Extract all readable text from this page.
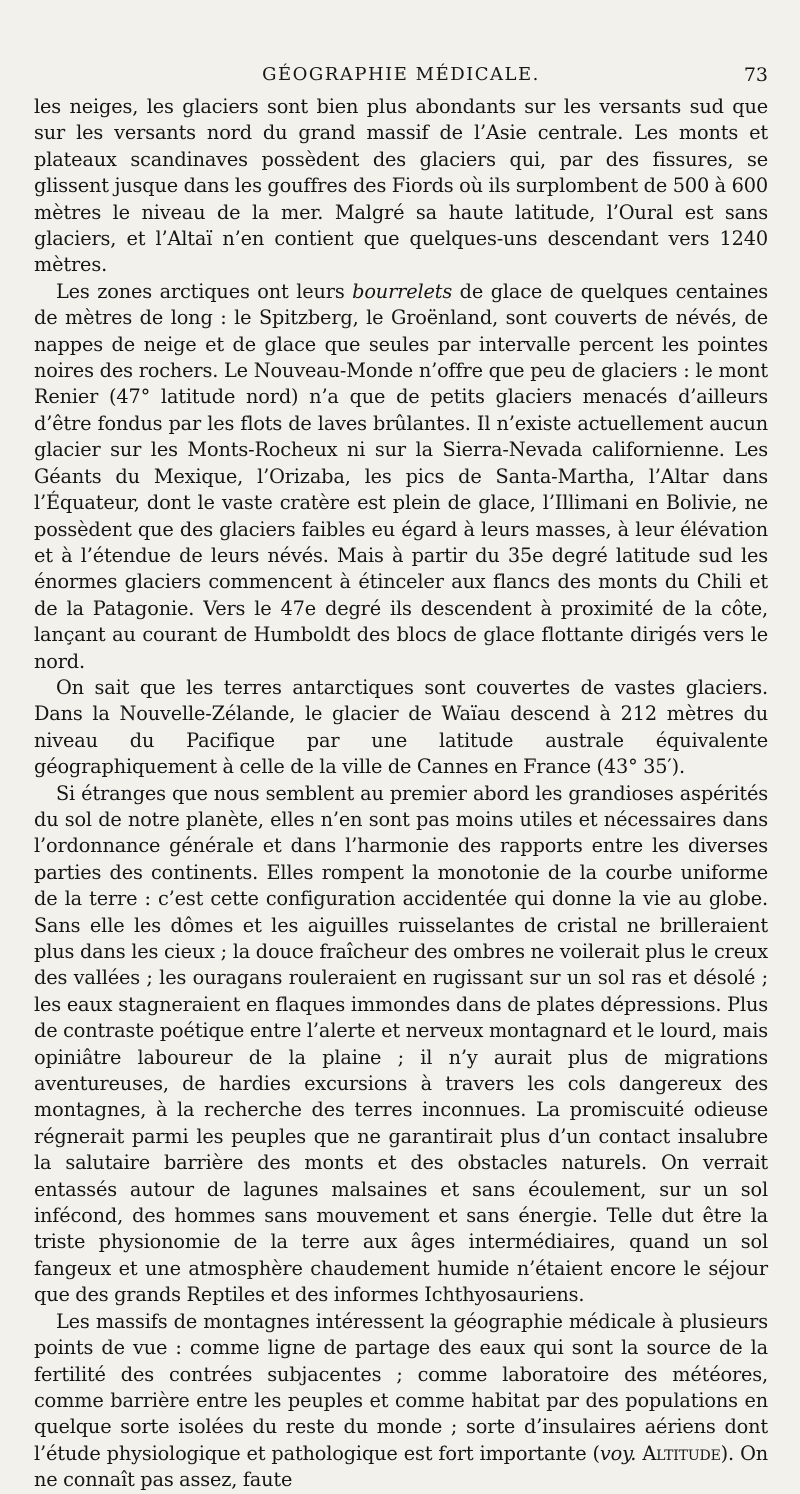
GÉOGRAPHIE MÉDICALE.	73

les neiges, les glaciers sont bien plus abondants sur les versants sud que sur les versants nord du grand massif de l’Asie centrale. Les monts et plateaux scandinaves possèdent des glaciers qui, par des fissures, se glissent jusque dans les gouffres des Fiords où ils surplombent de 500 à 600 mètres le niveau de la mer. Malgré sa haute latitude, l’Oural est sans glaciers, et l’Altaï n’en contient que quelques-uns descendant vers 1240 mètres.

Les zones arctiques ont leurs bourrelets de glace de quelques centaines de mètres de long : le Spitzberg, le Groënland, sont couverts de névés, de nappes de neige et de glace que seules par intervalle percent les pointes noires des rochers. Le Nouveau-Monde n’offre que peu de glaciers : le mont Renier (47° latitude nord) n’a que de petits glaciers menacés d’ailleurs d’être fondus par les flots de laves brûlantes. Il n’existe actuellement aucun glacier sur les Monts-Rocheux ni sur la Sierra-Nevada californienne. Les Géants du Mexique, l’Orizaba, les pics de Santa-Martha, l’Altar dans l’Équateur, dont le vaste cratère est plein de glace, l’Illimani en Bolivie, ne possèdent que des glaciers faibles eu égard à leurs masses, à leur élévation et à l’étendue de leurs névés. Mais à partir du 35e degré latitude sud les énormes glaciers commencent à étinceler aux flancs des monts du Chili et de la Patagonie. Vers le 47e degré ils descendent à proximité de la côte, lançant au courant de Humboldt des blocs de glace flottante dirigés vers le nord.

On sait que les terres antarctiques sont couvertes de vastes glaciers. Dans la Nouvelle-Zélande, le glacier de Waïau descend à 212 mètres du niveau du Pacifique par une latitude australe équivalente géographiquement à celle de la ville de Cannes en France (43° 35′).

Si étranges que nous semblent au premier abord les grandioses aspérités du sol de notre planète, elles n’en sont pas moins utiles et nécessaires dans l’ordonnance générale et dans l’harmonie des rapports entre les diverses parties des continents. Elles rompent la monotonie de la courbe uniforme de la terre : c’est cette configuration accidentée qui donne la vie au globe. Sans elle les dômes et les aiguilles ruisselantes de cristal ne brilleraient plus dans les cieux ; la douce fraîcheur des ombres ne voilerait plus le creux des vallées ; les ouragans rouleraient en rugissant sur un sol ras et désolé ; les eaux stagneraient en flaques immondes dans de plates dépressions. Plus de contraste poétique entre l’alerte et nerveux montagnard et le lourd, mais opiniâtre laboureur de la plaine ; il n’y aurait plus de migrations aventureuses, de hardies excursions à travers les cols dangereux des montagnes, à la recherche des terres inconnues. La promiscuité odieuse régnerait parmi les peuples que ne garantirait plus d’un contact insalubre la salutaire barrière des monts et des obstacles naturels. On verrait entassés autour de lagunes malsaines et sans écoulement, sur un sol infécond, des hommes sans mouvement et sans énergie. Telle dut être la triste physionomie de la terre aux âges intermédiaires, quand un sol fangeux et une atmosphère chaudement humide n’étaient encore le séjour que des grands Reptiles et des informes Ichthyosauriens.

Les massifs de montagnes intéressent la géographie médicale à plusieurs points de vue : comme ligne de partage des eaux qui sont la source de la fertilité des contrées subjacentes ; comme laboratoire des météores, comme barrière entre les peuples et comme habitat par des populations en quelque sorte isolées du reste du monde ; sorte d’insulaires aériens dont l’étude physiologique et pathologique est fort importante (voy. Altitude). On ne connaît pas assez, faute
